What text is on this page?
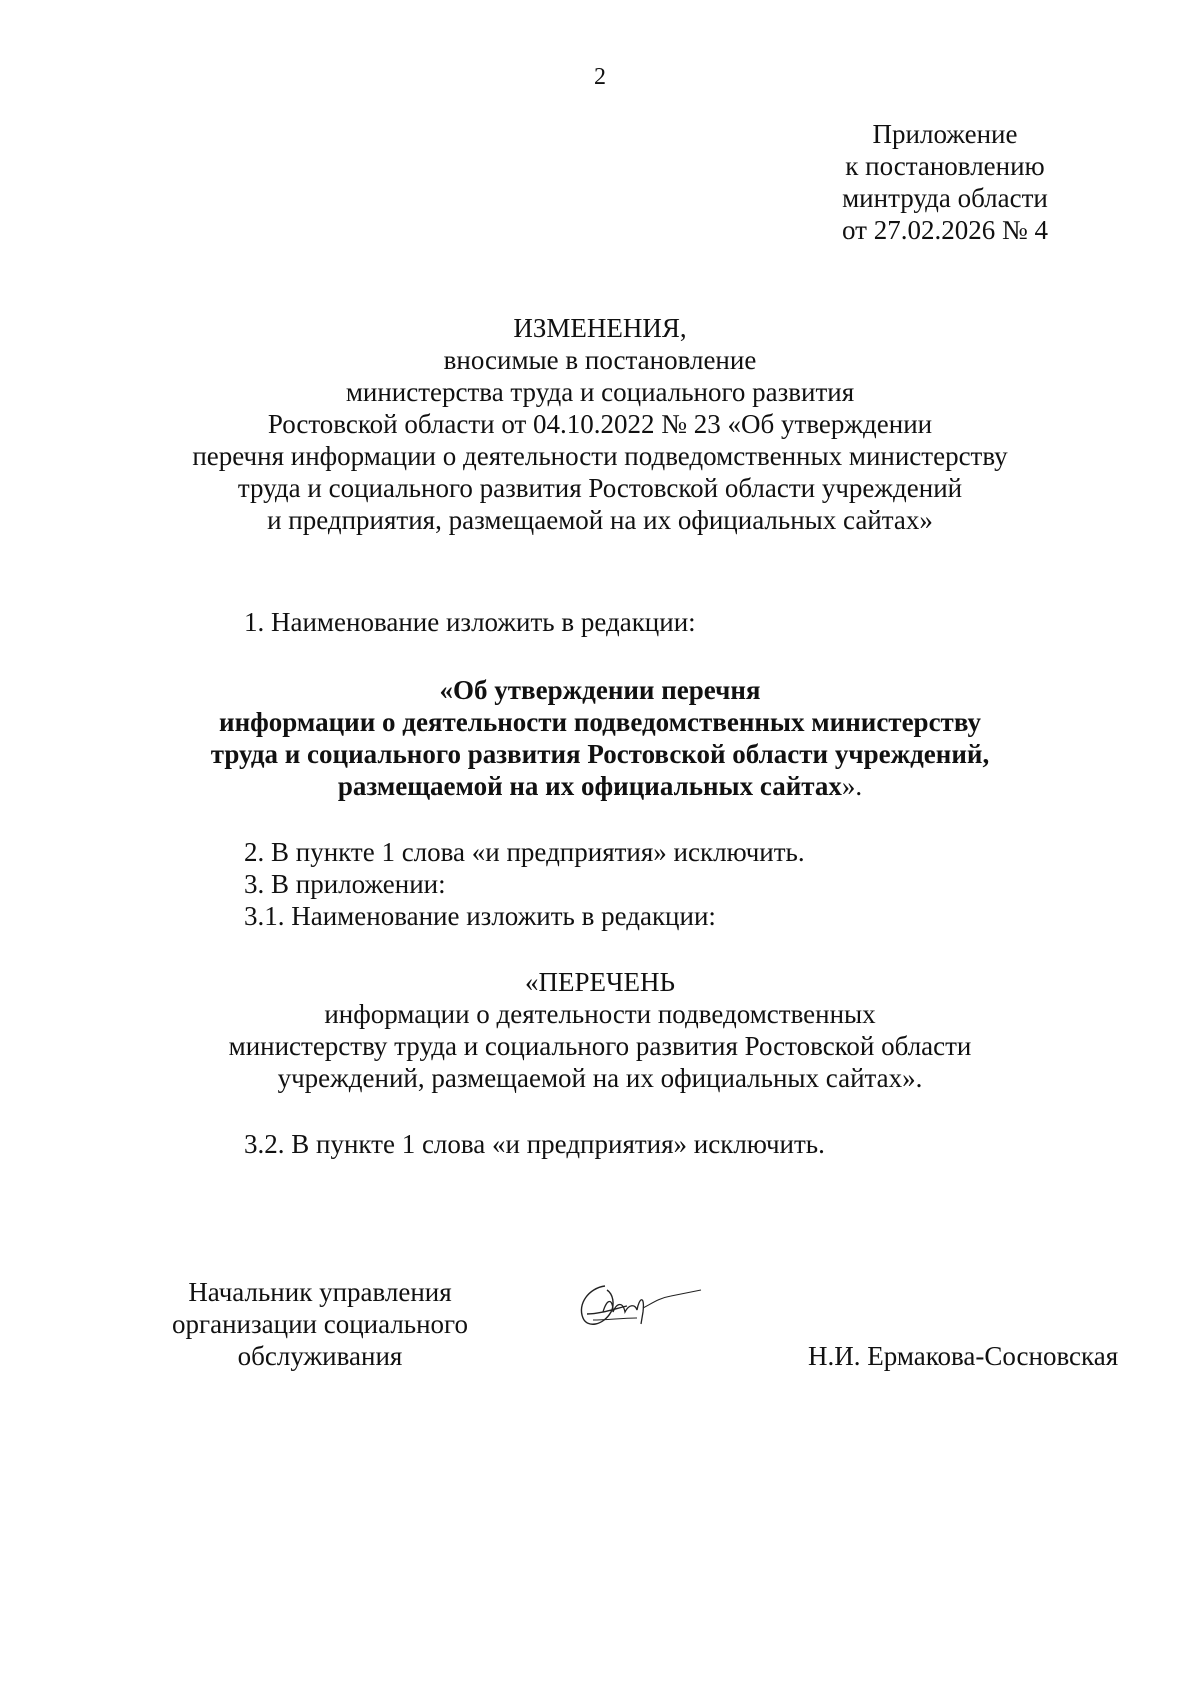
2
Приложение
к постановлению
минтруда области
от 27.02.2026 № 4
ИЗМЕНЕНИЯ,
вносимые в постановление
министерства труда и социального развития
Ростовской области от 04.10.2022 № 23 «Об утверждении
перечня информации о деятельности подведомственных министерству
труда и социального развития Ростовской области учреждений
и предприятия, размещаемой на их официальных сайтах»
1. Наименование изложить в редакции:
«Об утверждении перечня
информации о деятельности подведомственных министерству
труда и социального развития Ростовской области учреждений,
размещаемой на их официальных сайтах».
2. В пункте 1 слова «и предприятия» исключить.
3. В приложении:
3.1. Наименование изложить в редакции:
«ПЕРЕЧЕНЬ
информации о деятельности подведомственных
министерству труда и социального развития Ростовской области
учреждений, размещаемой на их официальных сайтах».
3.2. В пункте 1 слова «и предприятия» исключить.
Начальник управления
организации социального
обслуживания	Н.И. Ермакова-Сосновская
